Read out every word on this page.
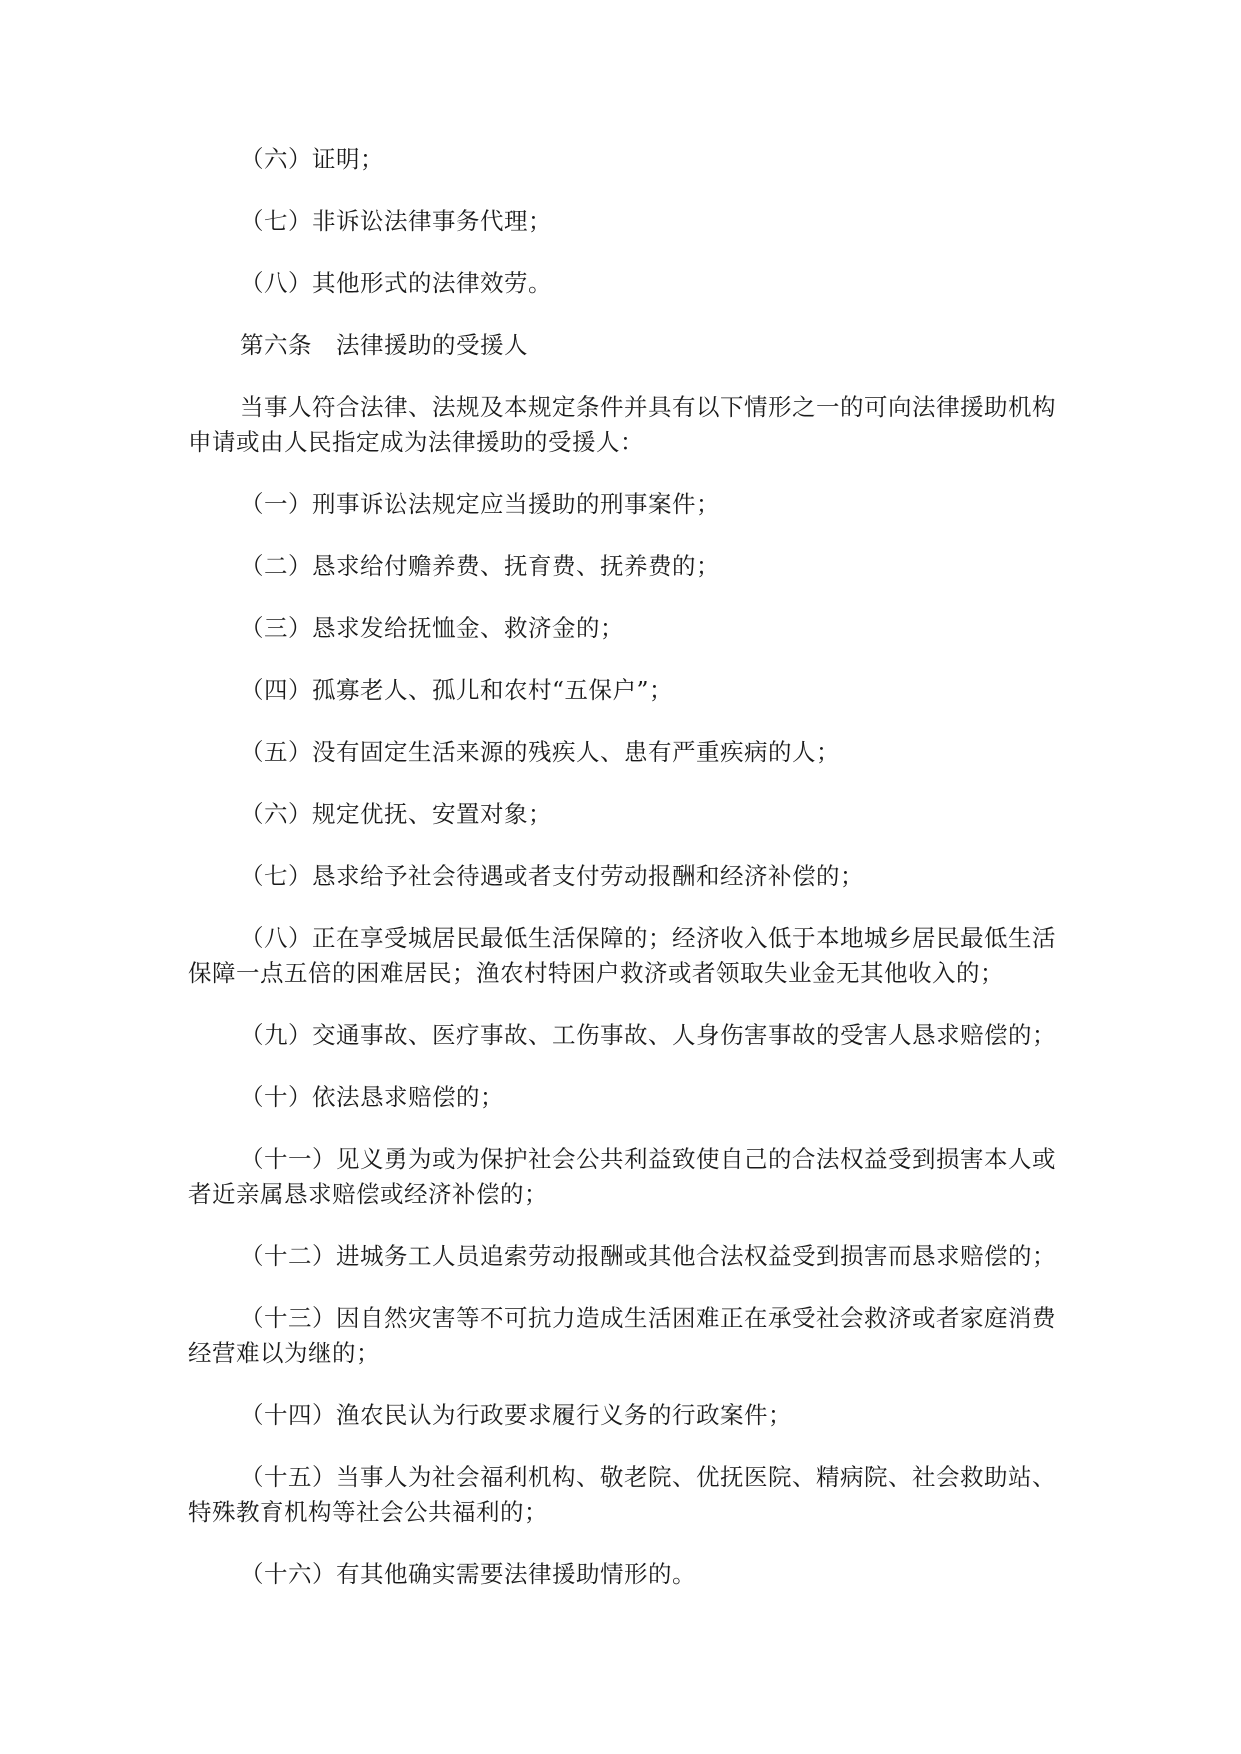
（六）证明；

（七）非诉讼法律事务代理；

（八）其他形式的法律效劳。

第六条　法律援助的受援人

当事人符合法律、法规及本规定条件并具有以下情形之一的可向法律援助机构申请或由人民指定成为法律援助的受援人：

（一）刑事诉讼法规定应当援助的刑事案件；

（二）恳求给付赡养费、抚育费、抚养费的；

（三）恳求发给抚恤金、救济金的；

（四）孤寡老人、孤儿和农村“五保户”；

（五）没有固定生活来源的残疾人、患有严重疾病的人；

（六）规定优抚、安置对象；

（七）恳求给予社会待遇或者支付劳动报酬和经济补偿的；

（八）正在享受城居民最低生活保障的；经济收入低于本地城乡居民最低生活保障一点五倍的困难居民；渔农村特困户救济或者领取失业金无其他收入的；

（九）交通事故、医疗事故、工伤事故、人身伤害事故的受害人恳求赔偿的；

（十）依法恳求赔偿的；

（十一）见义勇为或为保护社会公共利益致使自己的合法权益受到损害本人或者近亲属恳求赔偿或经济补偿的；

（十二）进城务工人员追索劳动报酬或其他合法权益受到损害而恳求赔偿的；

（十三）因自然灾害等不可抗力造成生活困难正在承受社会救济或者家庭消费经营难以为继的；

（十四）渔农民认为行政要求履行义务的行政案件；

（十五）当事人为社会福利机构、敬老院、优抚医院、精病院、社会救助站、特殊教育机构等社会公共福利的；

（十六）有其他确实需要法律援助情形的。
